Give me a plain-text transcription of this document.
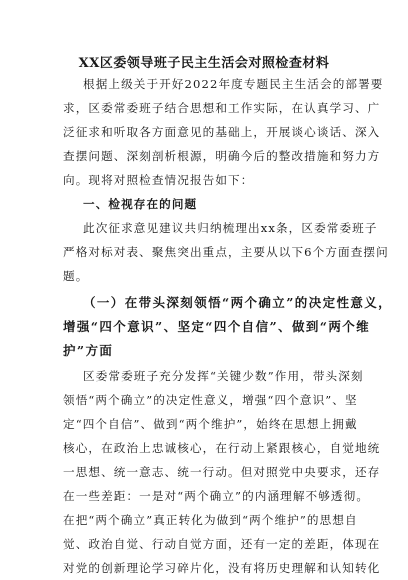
XX区委领导班子民主生活会对照检查材料
根据上级关于开好2022年度专题民主生活会的部署要
求，区委常委班子结合思想和工作实际，在认真学习、广
泛征求和听取各方面意见的基础上，开展谈心谈话、深入
查摆问题、深刻剖析根源，明确今后的整改措施和努力方
向。现将对照检查情况报告如下：
一、检视存在的问题
此次征求意见建议共归纳梳理出xx条，区委常委班子
严格对标对表、聚焦突出重点，主要从以下6个方面查摆问
题。
（一）在带头深刻领悟“两个确立”的决定性意义，
增强“四个意识”、坚定“四个自信”、做到“两个维
护”方面
区委常委班子充分发挥“关键少数”作用，带头深刻
领悟“两个确立”的决定性意义，增强“四个意识”、坚
定“四个自信”、做到“两个维护”，始终在思想上拥戴
核心，在政治上忠诚核心，在行动上紧跟核心，自觉地统
一思想、统一意志、统一行动。但对照党中央要求，还存
在一些差距：一是对“两个确立”的内涵理解不够透彻。
在把“两个确立”真正转化为做到“两个维护”的思想自
觉、政治自觉、行动自觉方面，还有一定的差距，体现在
对党的创新理论学习碎片化，没有将历史理解和认知转化
